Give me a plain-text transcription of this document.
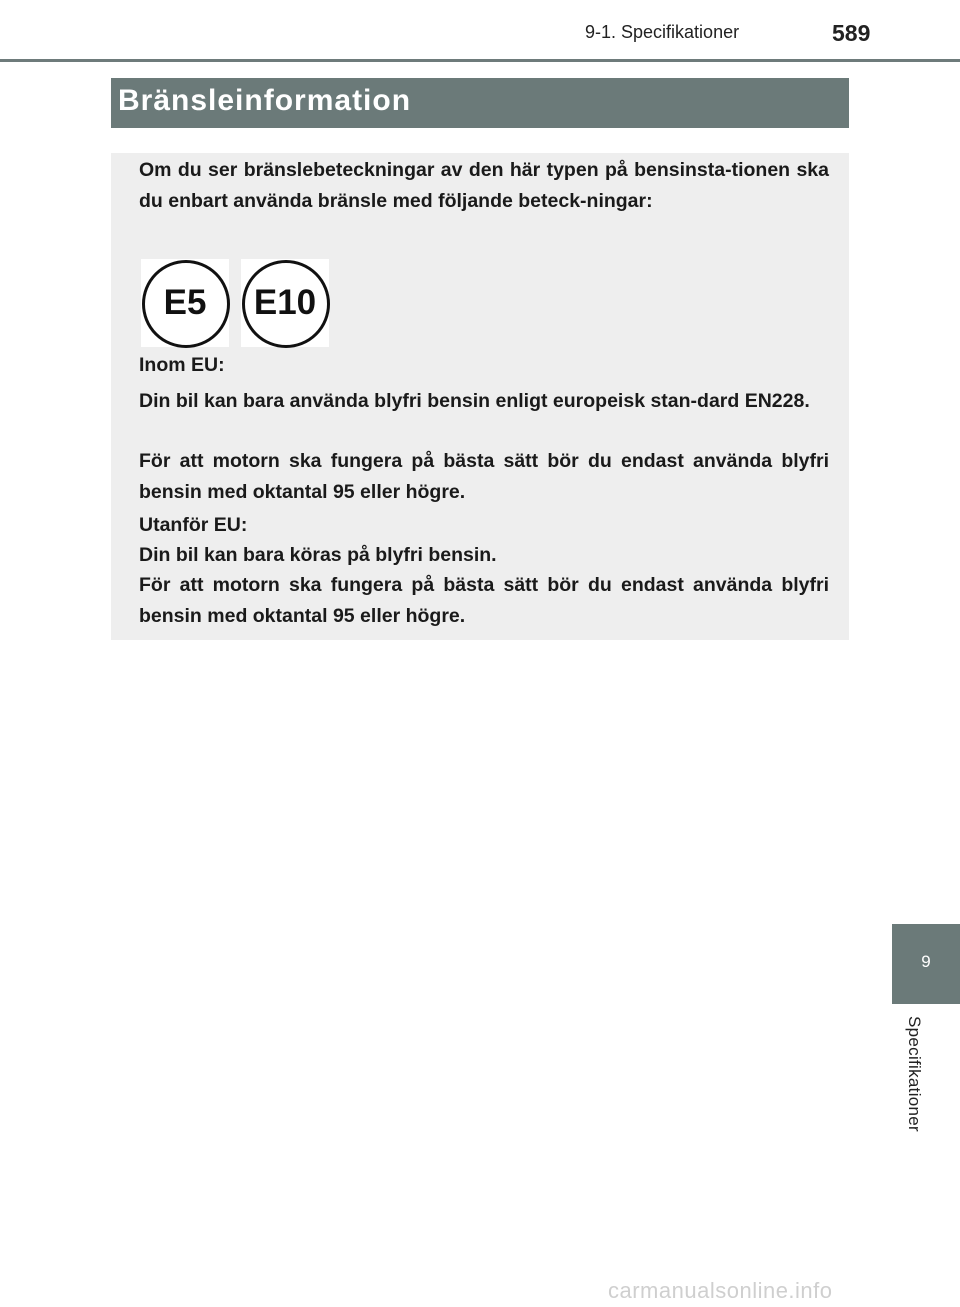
9-1. Specifikationer	589
Bränsleinformation
Om du ser bränslebeteckningar av den här typen på bensinsta-tionen ska du enbart använda bränsle med följande beteck-ningar:
E5	E10
Inom EU:
Din bil kan bara använda blyfri bensin enligt europeisk stan-dard EN228.
För att motorn ska fungera på bästa sätt bör du endast använda blyfri bensin med oktantal 95 eller högre.
Utanför EU:
Din bil kan bara köras på blyfri bensin.
För att motorn ska fungera på bästa sätt bör du endast använda blyfri bensin med oktantal 95 eller högre.
9
Specifikationer
carmanualsonline.info
